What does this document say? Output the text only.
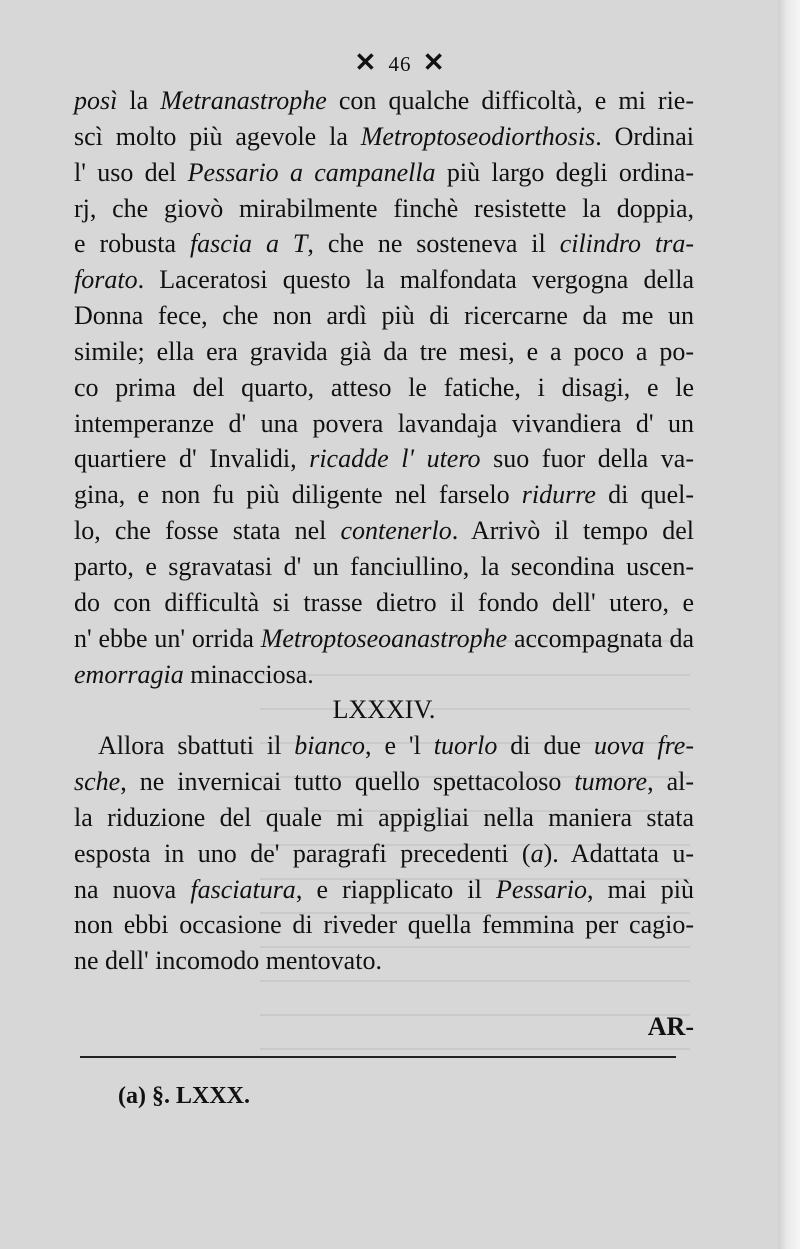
✕ 46 ✕
posì la Metranastrophe con qualche difficoltà, e mi rie-
scì molto più agevole la Metroptoseodiorthosis. Ordinai
l' uso del Pessario a campanella più largo degli ordina-
rj, che giovò mirabilmente finchè resistette la doppia,
e robusta fascia a T, che ne sosteneva il cilindro tra-
forato. Laceratosi questo la malfondata vergogna della
Donna fece, che non ardì più di ricercarne da me un
simile; ella era gravida già da tre mesi, e a poco a po-
co prima del quarto, atteso le fatiche, i disagi, e le
intemperanze d' una povera lavandaja vivandiera d' un
quartiere d' Invalidi, ricadde l' utero suo fuor della va-
gina, e non fu più diligente nel farselo ridurre di quel-
lo, che fosse stata nel contenerlo. Arrivò il tempo del
parto, e sgravatasi d' un fanciullino, la secondina uscen-
do con difficultà si trasse dietro il fondo dell' utero, e
n' ebbe un' orrida Metroptoseoanastrophe accompagnata da
emorragia minacciosa.
LXXXIV.
Allora sbattuti il bianco, e 'l tuorlo di due uova fre-
sche, ne invernicai tutto quello spettacoloso tumore, al-
la riduzione del quale mi appigliai nella maniera stata
esposta in uno de' paragrafi precedenti (a). Adattata u-
na nuova fasciatura, e riapplicato il Pessario, mai più
non ebbi occasione di riveder quella femmina per cagio-
ne dell' incomodo mentovato.
AR-
(a) §. LXXX.
